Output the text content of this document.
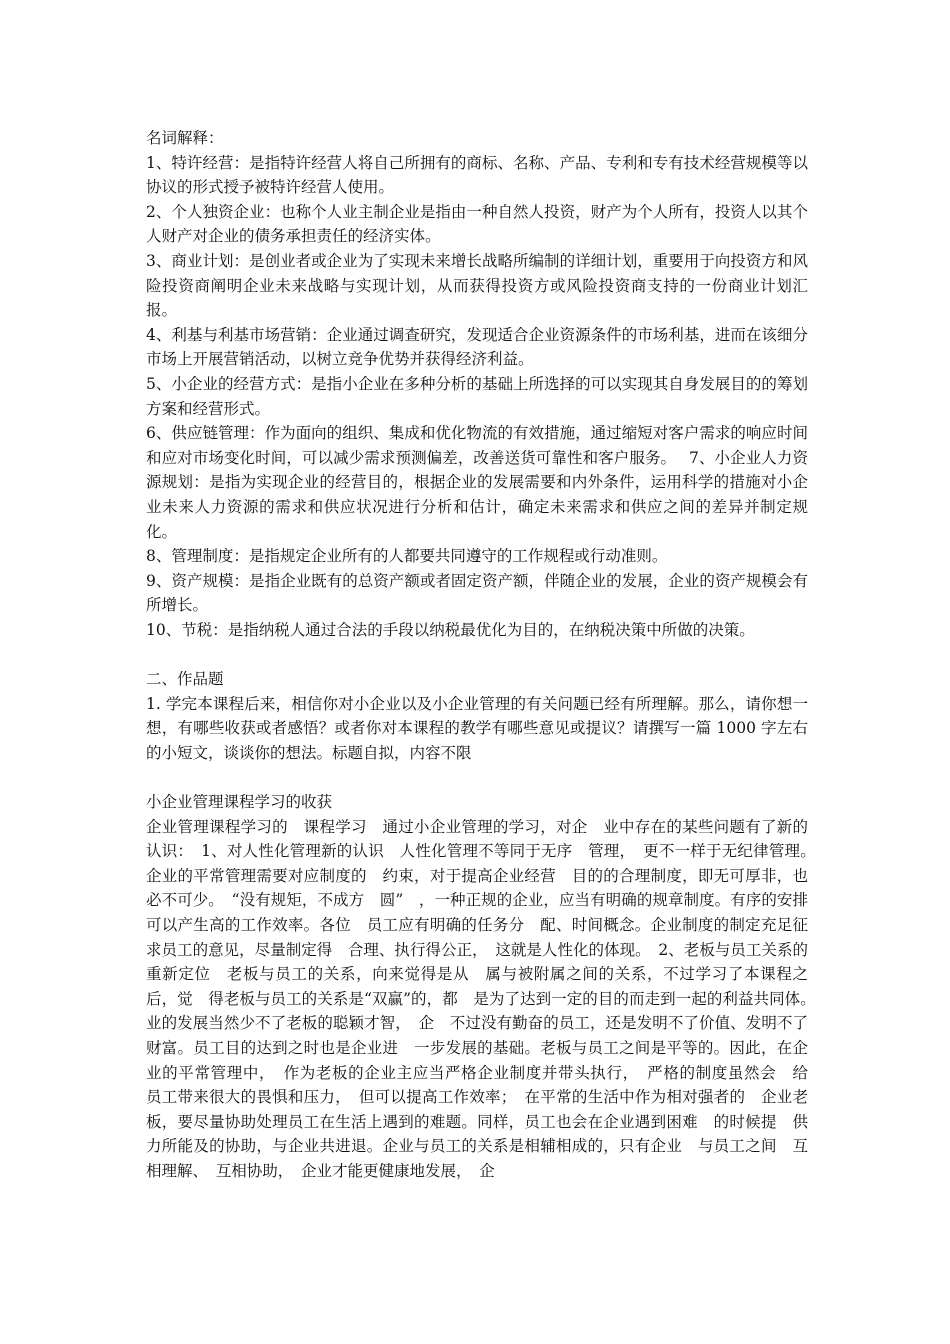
名词解释：

1、特许经营：是指特许经营人将自己所拥有的商标、名称、产品、专利和专有技术经营规模等以协议的形式授予被特许经营人使用。

2、个人独资企业：也称个人业主制企业是指由一种自然人投资，财产为个人所有，投资人以其个人财产对企业的债务承担责任的经济实体。

3、商业计划：是创业者或企业为了实现未来增长战略所编制的详细计划，重要用于向投资方和风险投资商阐明企业未来战略与实现计划，从而获得投资方或风险投资商支持的一份商业计划汇报。

4、利基与利基市场营销：企业通过调查研究，发现适合企业资源条件的市场利基，进而在该细分市场上开展营销活动，以树立竞争优势并获得经济利益。

5、小企业的经营方式：是指小企业在多种分析的基础上所选择的可以实现其自身发展目的的筹划方案和经营形式。

6、供应链管理：作为面向的组织、集成和优化物流的有效措施，通过缩短对客户需求的响应时间和应对市场变化时间，可以减少需求预测偏差，改善送货可靠性和客户服务。　 7、小企业人力资源规划：是指为实现企业的经营目的，根据企业的发展需要和内外条件，运用科学的措施对小企业未来人力资源的需求和供应状况进行分析和估计，确定未来需求和供应之间的差异并制定规化。

8、管理制度：是指规定企业所有的人都要共同遵守的工作规程或行动准则。

9、资产规模：是指企业既有的总资产额或者固定资产额，伴随企业的发展，企业的资产规模会有所增长。

10、节税：是指纳税人通过合法的手段以纳税最优化为目的，在纳税决策中所做的决策。

二、作品题

1. 学完本课程后来，相信你对小企业以及小企业管理的有关问题已经有所理解。那么，请你想一想，有哪些收获或者感悟？或者你对本课程的教学有哪些意见或提议？请撰写一篇 1000 字左右的小短文，谈谈你的想法。标题自拟，内容不限

小企业管理课程学习的收获

企业管理课程学习的　课程学习　通过小企业管理的学习，对企　业中存在的某些问题有了新的认识：　1、对人性化管理新的认识　人性化管理不等同于无序　管理，　更不一样于无纪律管理。　企业的平常管理需要对应制度的　约束，对于提高企业经营　目的的合理制度，即无可厚非，也必不可少。　“没有规矩，不成方　圆”　，一种正规的企业，应当有明确的规章制度。有序的安排可以产生高的工作效率。各位　员工应有明确的任务分　配、时间概念。企业制度的制定充足征求员工的意见，尽量制定得　合理、执行得公正，　这就是人性化的体现。　2、老板与员工关系的重新定位　老板与员工的关系，向来觉得是从　属与被附属之间的关系，不过学习了本课程之后，觉　得老板与员工的关系是“双赢”的，都　是为了达到一定的目的而走到一起的利益共同体。　业的发展当然少不了老板的聪颖才智，　企　不过没有勤奋的员工，还是发明不了价值、发明不了　财富。员工目的达到之时也是企业进　一步发展的基础。老板与员工之间是平等的。因此，在企业的平常管理中，　作为老板的企业主应当严格企业制度并带头执行，　严格的制度虽然会　给　员工带来很大的畏惧和压力，　但可以提高工作效率；　在平常的生活中作为相对强者的　企业老　板，要尽量协助处理员工在生活上遇到的难题。同样，员工也会在企业遇到困难　的时候提　供力所能及的协助，与企业共进退。企业与员工的关系是相辅相成的，只有企业　与员工之间　互相理解、　互相协助，　企业才能更健康地发展，　企
